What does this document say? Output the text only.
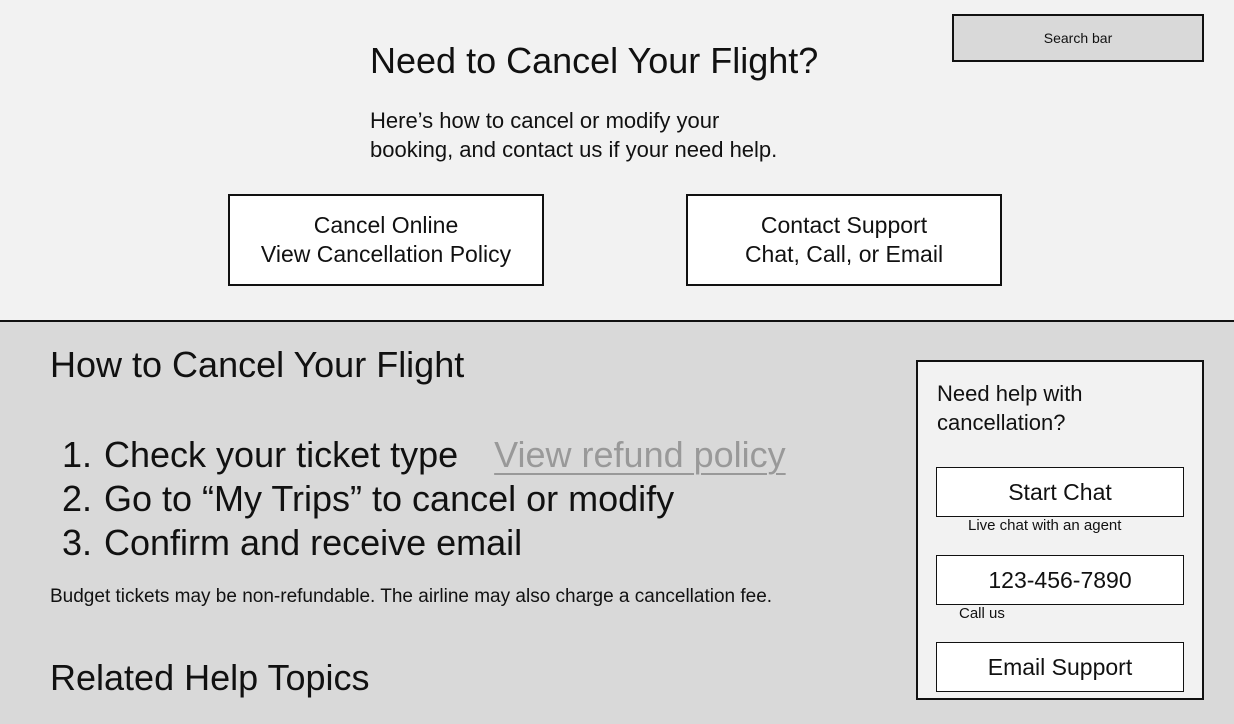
Search bar
Need to Cancel Your Flight?
Here’s how to cancel or modify your
booking, and contact us if your need help.
Cancel Online
View Cancellation Policy
Contact Support
Chat, Call, or Email
How to Cancel Your Flight
1. Check your ticket type View refund policy
2. Go to “My Trips” to cancel or modify
3. Confirm and receive email
Budget tickets may be non-refundable. The airline may also charge a cancellation fee.
Related Help Topics
Need help with
cancellation?
Start Chat
Live chat with an agent
123-456-7890
Call us
Email Support
